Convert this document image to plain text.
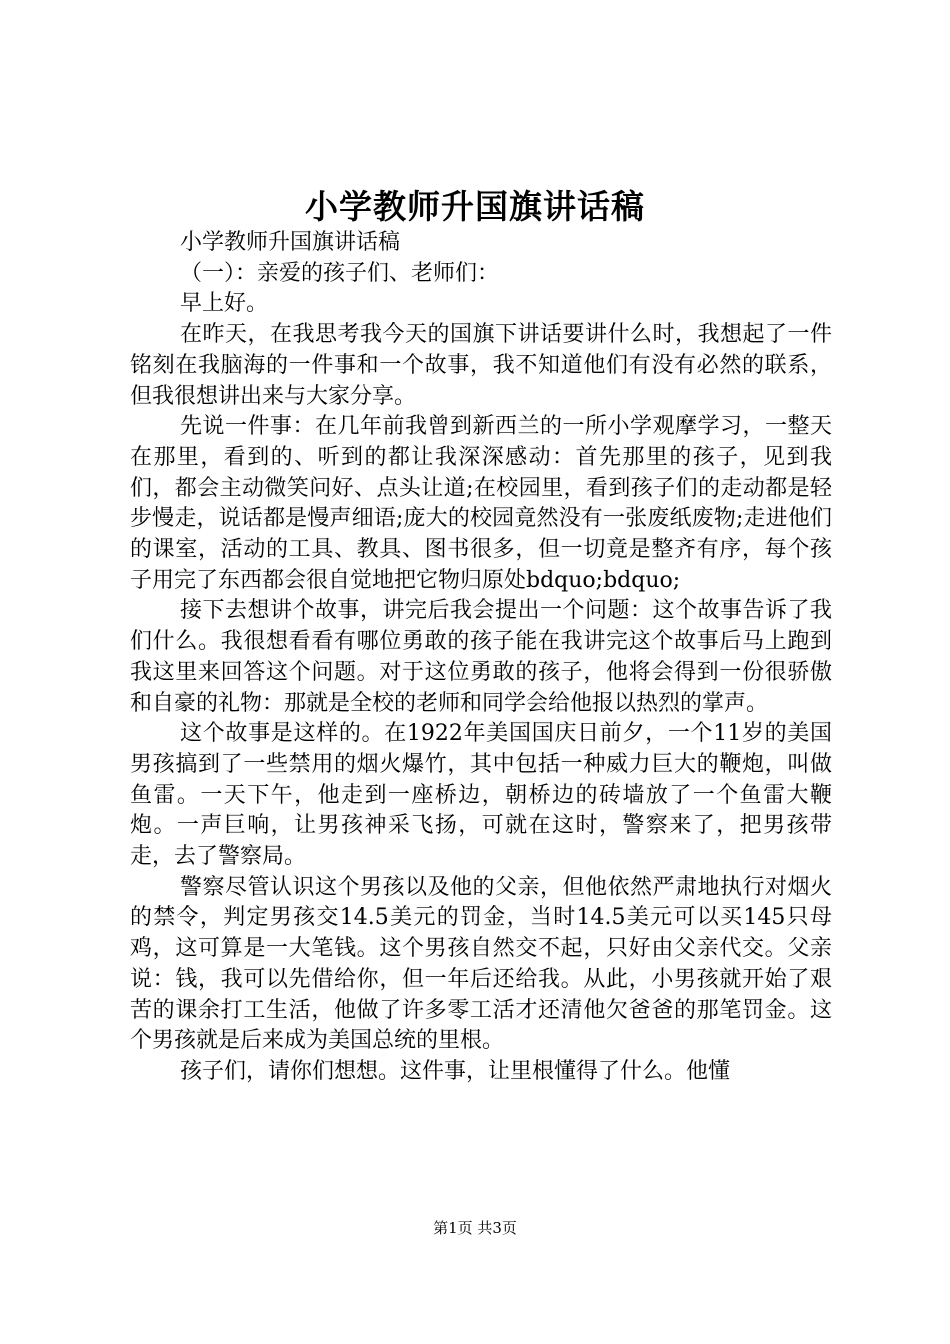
小学教师升国旗讲话稿

小学教师升国旗讲话稿

（一）：亲爱的孩子们、老师们：

早上好。

在昨天，在我思考我今天的国旗下讲话要讲什么时，我想起了一件铭刻在我脑海的一件事和一个故事，我不知道他们有没有必然的联系，但我很想讲出来与大家分享。

先说一件事：在几年前我曾到新西兰的一所小学观摩学习，一整天在那里，看到的、听到的都让我深深感动：首先那里的孩子，见到我们，都会主动微笑问好、点头让道;在校园里，看到孩子们的走动都是轻步慢走，说话都是慢声细语;庞大的校园竟然没有一张废纸废物;走进他们的课室，活动的工具、教具、图书很多，但一切竟是整齐有序，每个孩子用完了东西都会很自觉地把它物归原处bdquo;bdquo;

接下去想讲个故事，讲完后我会提出一个问题：这个故事告诉了我们什么。我很想看看有哪位勇敢的孩子能在我讲完这个故事后马上跑到我这里来回答这个问题。对于这位勇敢的孩子，他将会得到一份很骄傲和自豪的礼物：那就是全校的老师和同学会给他报以热烈的掌声。

这个故事是这样的。在1922年美国国庆日前夕，一个11岁的美国男孩搞到了一些禁用的烟火爆竹，其中包括一种威力巨大的鞭炮，叫做鱼雷。一天下午，他走到一座桥边，朝桥边的砖墙放了一个鱼雷大鞭炮。一声巨响，让男孩神采飞扬，可就在这时，警察来了，把男孩带走，去了警察局。

警察尽管认识这个男孩以及他的父亲，但他依然严肃地执行对烟火的禁令，判定男孩交14.5美元的罚金，当时14.5美元可以买145只母鸡，这可算是一大笔钱。这个男孩自然交不起，只好由父亲代交。父亲说：钱，我可以先借给你，但一年后还给我。从此，小男孩就开始了艰苦的课余打工生活，他做了许多零工活才还清他欠爸爸的那笔罚金。这个男孩就是后来成为美国总统的里根。

孩子们，请你们想想。这件事，让里根懂得了什么。他懂

第1页 共3页
